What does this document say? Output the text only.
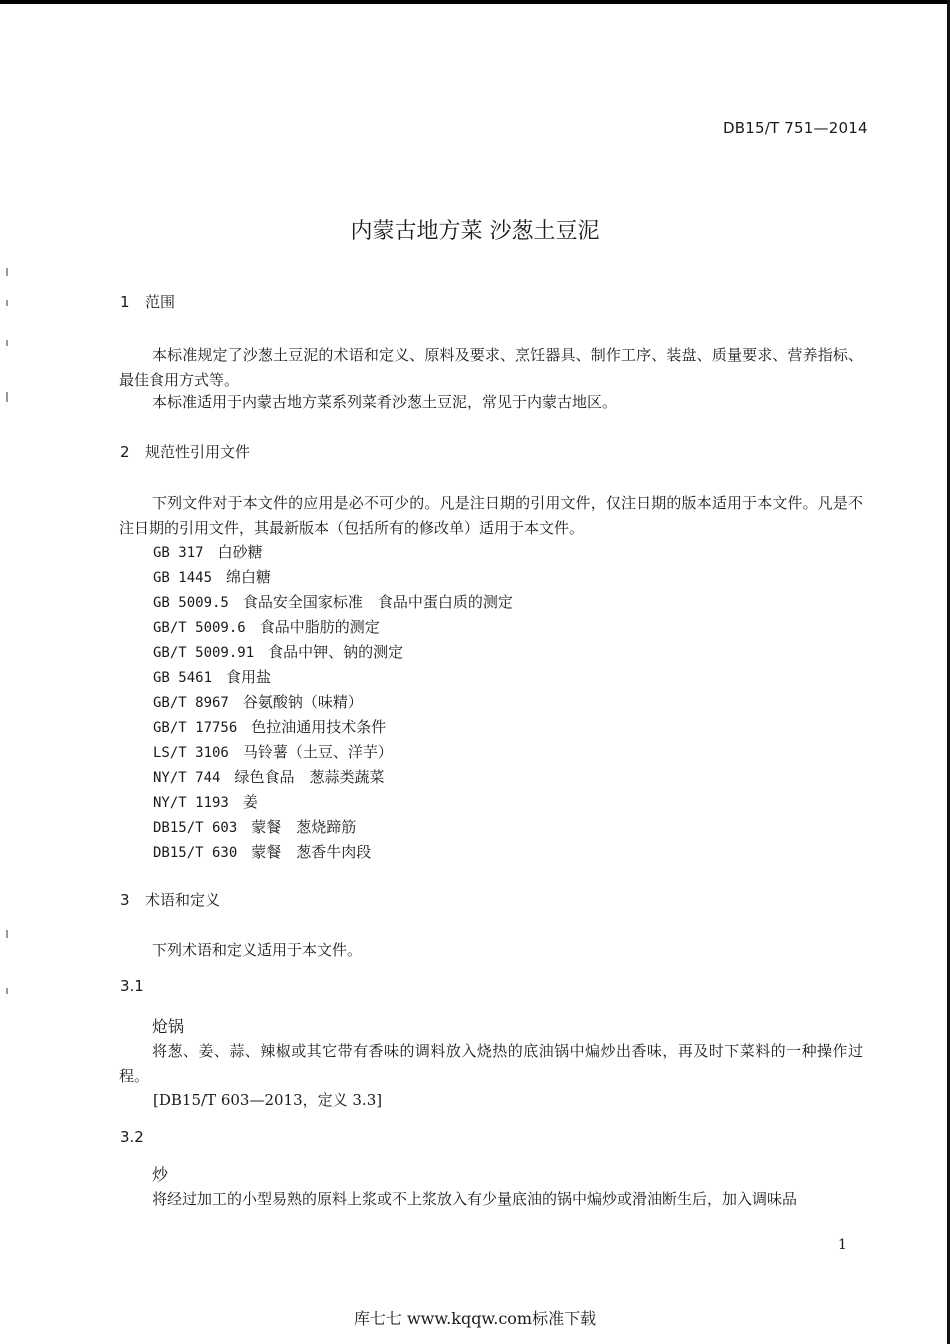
DB15/T 751—2014
内蒙古地方菜 沙葱土豆泥
1 范围
本标准规定了沙葱土豆泥的术语和定义、原料及要求、烹饪器具、制作工序、装盘、质量要求、营养指标、最佳食用方式等。
本标准适用于内蒙古地方菜系列菜肴沙葱土豆泥，常见于内蒙古地区。
2 规范性引用文件
下列文件对于本文件的应用是必不可少的。凡是注日期的引用文件，仅注日期的版本适用于本文件。凡是不注日期的引用文件，其最新版本（包括所有的修改单）适用于本文件。
GB 317 白砂糖
GB 1445 绵白糖
GB 5009.5 食品安全国家标准　食品中蛋白质的测定
GB/T 5009.6 食品中脂肪的测定
GB/T 5009.91 食品中钾、钠的测定
GB 5461 食用盐
GB/T 8967 谷氨酸钠（味精）
GB/T 17756 色拉油通用技术条件
LS/T 3106 马铃薯（土豆、洋芋）
NY/T 744 绿色食品　葱蒜类蔬菜
NY/T 1193 姜
DB15/T 603 蒙餐　葱烧蹄筋
DB15/T 630 蒙餐　葱香牛肉段
3 术语和定义
下列术语和定义适用于本文件。
3.1
炝锅
将葱、姜、蒜、辣椒或其它带有香味的调料放入烧热的底油锅中煸炒出香味，再及时下菜料的一种操作过程。
[DB15/T 603—2013，定义 3.3]
3.2
炒
将经过加工的小型易熟的原料上浆或不上浆放入有少量底油的锅中煸炒或滑油断生后，加入调味品
1
库七七 www.kqqw.com标准下载
